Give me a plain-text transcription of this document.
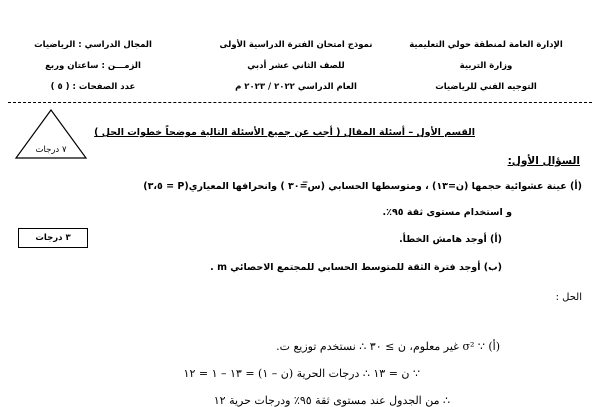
الإدارة العامة لمنطقة حولي التعليمية
وزارة التربية
التوجيه الفني للرياضيات
نموذج امتحان الفترة الدراسية الأولى
للصف الثاني عشر أدبي
العام الدراسي ٢٠٢٢ / ٢٠٢٣ م
المجال الدراسي : الرياضيات
الزمـــن : ساعتان وربع
عدد الصفحات : ( ٥ )
٧ درجات
القسم الأول – أسئلة المقال ( أجب عن جميع الأسئلة التالية موضحاً خطوات الحل )
السؤال الأول:
(أ) عينة عشوائية حجمها (ن=١٣) ، ومتوسطها الحسابي (س̅=٣٠ ) وانحرافها المعياري(P = ٣،٥)
و استخدام مستوى ثقة ٩٥٪.
٣ درجات	(أ) أوجد هامش الخطأ.
(ب) أوجد فترة الثقة للمتوسط الحسابي للمجتمع الاحصائي m .
الحل :
(أ) ∵ σ² غير معلوم، ن ≥ ٣٠ ∴ نستخدم توزيع ت.
∵ ن = ١٣ ∴ درجات الحرية (ن – ١) = ١٣ – ١ = ١٢
∴ من الجدول عند مستوى ثقة ٩٥٪ ودرجات حرية ١٢
